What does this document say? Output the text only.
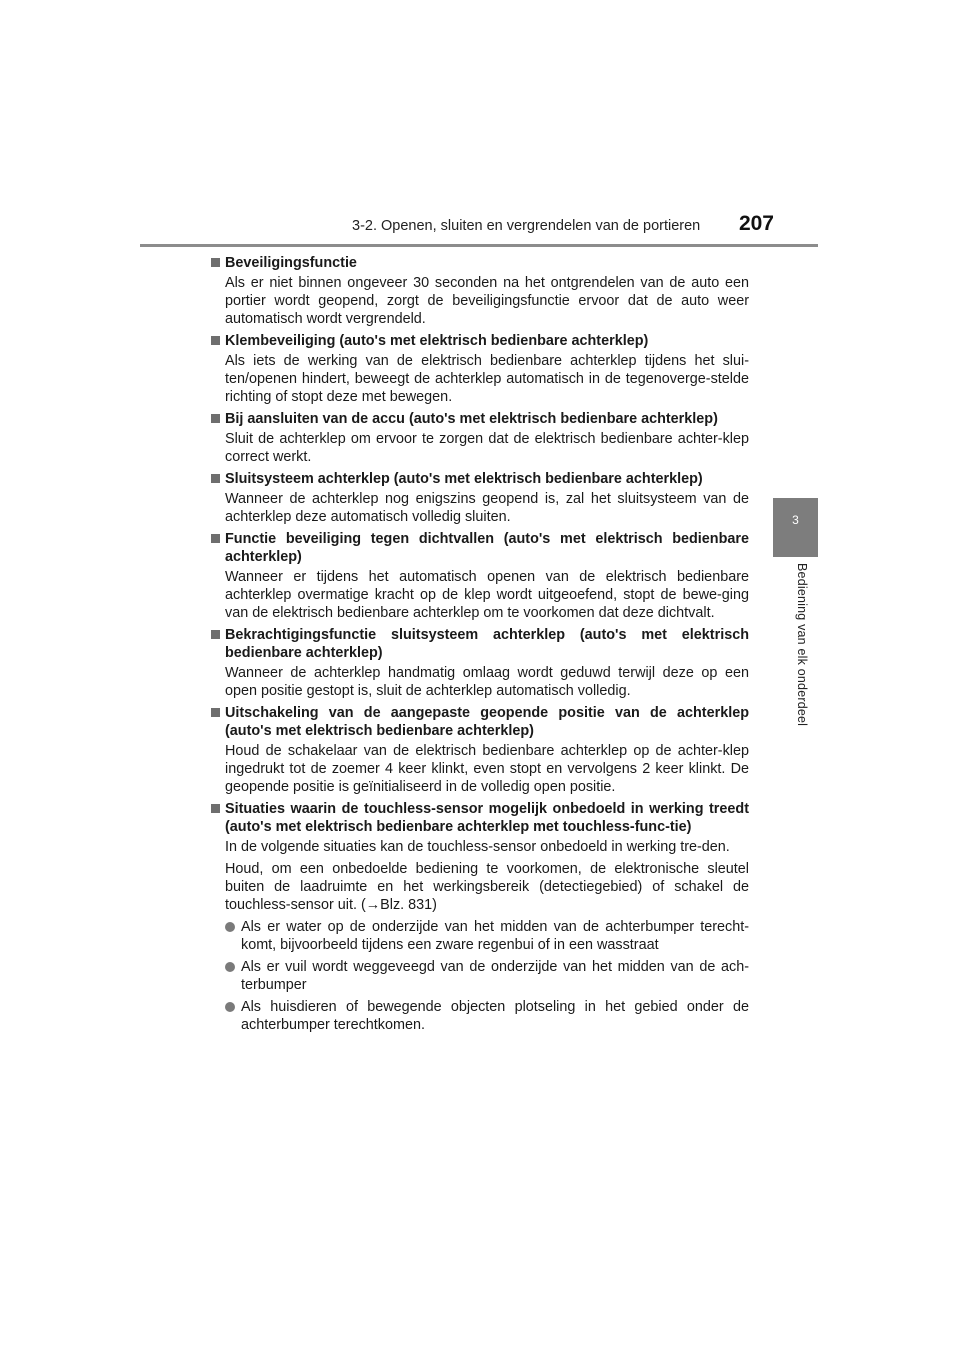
3-2. Openen, sluiten en vergrendelen van de portieren 207
3
Bediening van elk onderdeel
Beveiligingsfunctie
Als er niet binnen ongeveer 30 seconden na het ontgrendelen van de auto een portier wordt geopend, zorgt de beveiligingsfunctie ervoor dat de auto weer automatisch wordt vergrendeld.
Klembeveiliging (auto's met elektrisch bedienbare achterklep)
Als iets de werking van de elektrisch bedienbare achterklep tijdens het slui-ten/openen hindert, beweegt de achterklep automatisch in de tegenoverge-stelde richting of stopt deze met bewegen.
Bij aansluiten van de accu (auto's met elektrisch bedienbare achterklep)
Sluit de achterklep om ervoor te zorgen dat de elektrisch bedienbare achter-klep correct werkt.
Sluitsysteem achterklep (auto's met elektrisch bedienbare achterklep)
Wanneer de achterklep nog enigszins geopend is, zal het sluitsysteem van de achterklep deze automatisch volledig sluiten.
Functie beveiliging tegen dichtvallen (auto's met elektrisch bedienbare achterklep)
Wanneer er tijdens het automatisch openen van de elektrisch bedienbare achterklep overmatige kracht op de klep wordt uitgeoefend, stopt de bewe-ging van de elektrisch bedienbare achterklep om te voorkomen dat deze dichtvalt.
Bekrachtigingsfunctie sluitsysteem achterklep (auto's met elektrisch bedienbare achterklep)
Wanneer de achterklep handmatig omlaag wordt geduwd terwijl deze op een open positie gestopt is, sluit de achterklep automatisch volledig.
Uitschakeling van de aangepaste geopende positie van de achterklep (auto's met elektrisch bedienbare achterklep)
Houd de schakelaar van de elektrisch bedienbare achterklep op de achter-klep ingedrukt tot de zoemer 4 keer klinkt, even stopt en vervolgens 2 keer klinkt. De geopende positie is geïnitialiseerd in de volledig open positie.
Situaties waarin de touchless-sensor mogelijk onbedoeld in werking treedt (auto's met elektrisch bedienbare achterklep met touchless-func-tie)
In de volgende situaties kan de touchless-sensor onbedoeld in werking tre-den.
Houd, om een onbedoelde bediening te voorkomen, de elektronische sleutel buiten de laadruimte en het werkingsbereik (detectiegebied) of schakel de touchless-sensor uit. (→Blz. 831)
Als er water op de onderzijde van het midden van de achterbumper terecht-komt, bijvoorbeeld tijdens een zware regenbui of in een wasstraat
Als er vuil wordt weggeveegd van de onderzijde van het midden van de ach-terbumper
Als huisdieren of bewegende objecten plotseling in het gebied onder de achterbumper terechtkomen.
